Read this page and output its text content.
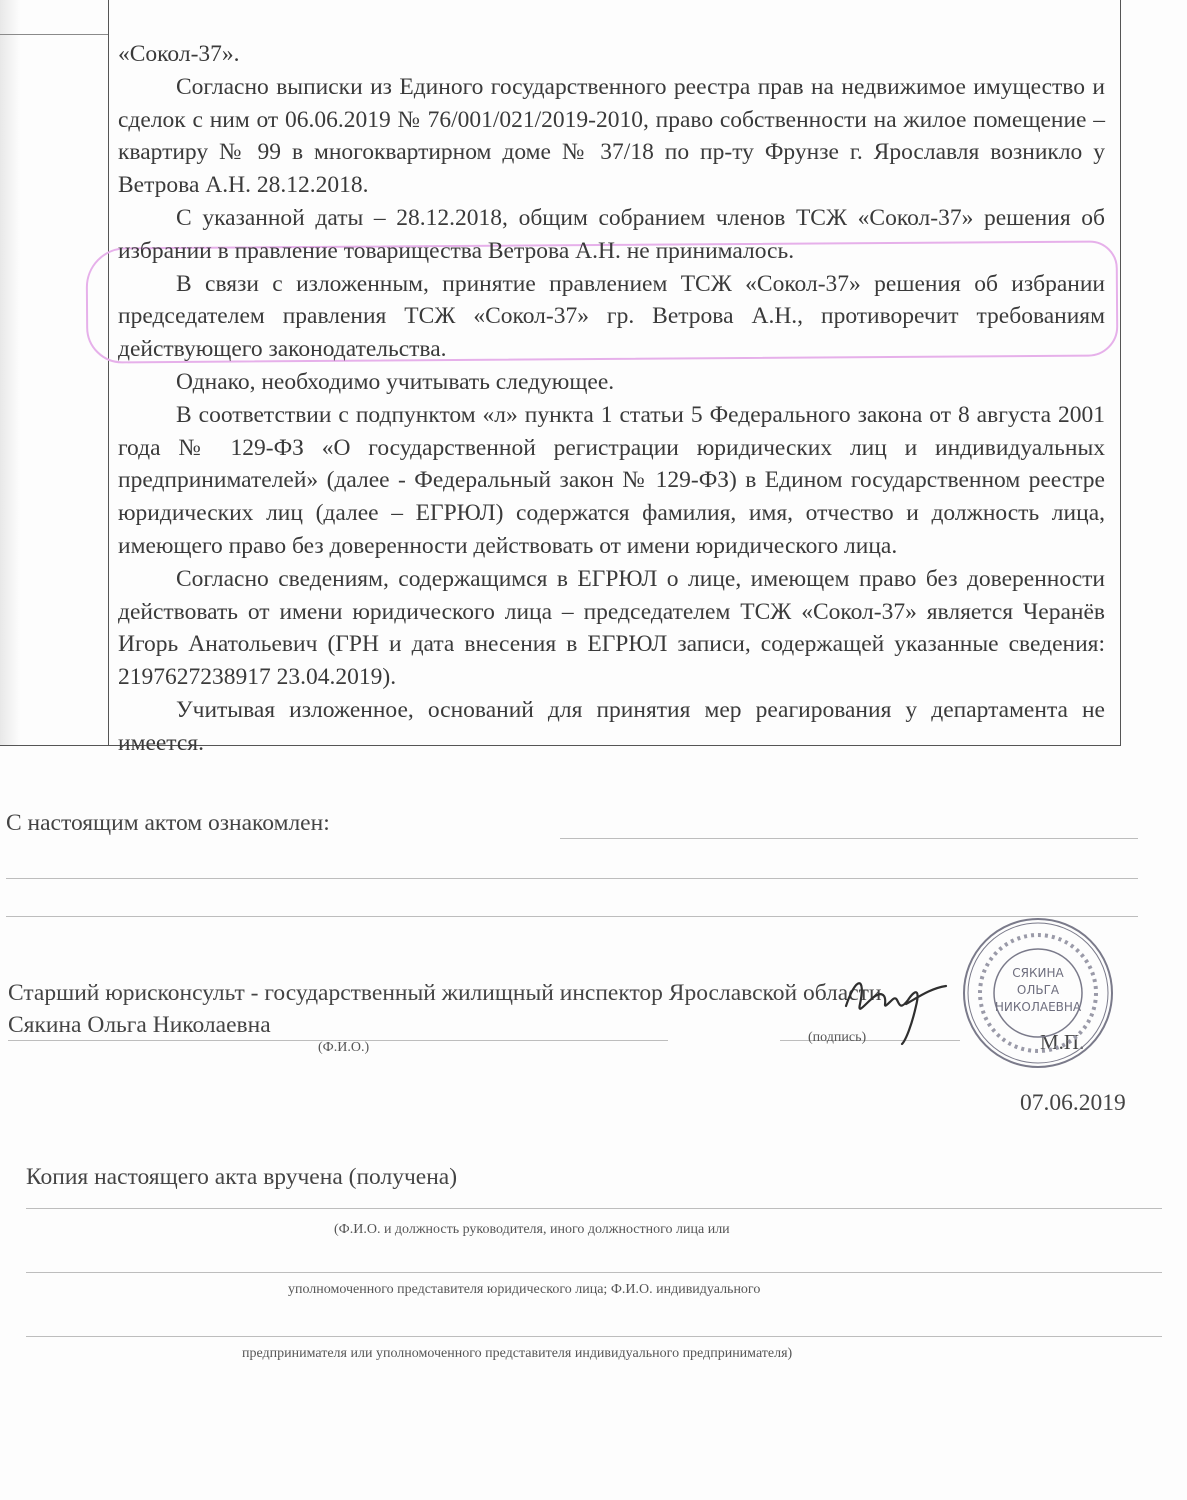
«Сокол-37».

Согласно выписки из Единого государственного реестра прав на недвижимое имущество и сделок с ним от 06.06.2019 № 76/001/021/2019-2010, право собственности на жилое помещение – квартиру № 99 в многоквартирном доме № 37/18 по пр-ту Фрунзе г. Ярославля возникло у Ветрова А.Н. 28.12.2018.

С указанной даты – 28.12.2018, общим собранием членов ТСЖ «Сокол-37» решения об избрании в правление товарищества Ветрова А.Н. не принималось.

В связи с изложенным, принятие правлением ТСЖ «Сокол-37» решения об избрании председателем правления ТСЖ «Сокол-37» гр. Ветрова А.Н., противоречит требованиям действующего законодательства.

Однако, необходимо учитывать следующее.

В соответствии с подпунктом «л» пункта 1 статьи 5 Федерального закона от 8 августа 2001 года № 129-ФЗ «О государственной регистрации юридических лиц и индивидуальных предпринимателей» (далее - Федеральный закон № 129-ФЗ) в Едином государственном реестре юридических лиц (далее – ЕГРЮЛ) содержатся фамилия, имя, отчество и должность лица, имеющего право без доверенности действовать от имени юридического лица.

Согласно сведениям, содержащимся в ЕГРЮЛ о лице, имеющем право без доверенности действовать от имени юридического лица – председателем ТСЖ «Сокол-37» является Черанёв Игорь Анатольевич (ГРН и дата внесения в ЕГРЮЛ записи, содержащей указанные сведения: 2197627238917 23.04.2019).

Учитывая изложенное, оснований для принятия мер реагирования у департамента не имеется.

С настоящим актом ознакомлен:
Старший юрисконсульт - государственный жилищный инспектор Ярославской области
Сякина Ольга Николаевна
(Ф.И.О.)
(подпись)	М.П.
07.06.2019
СЯКИНА
ОЛЬГА
НИКОЛАЕВНА
Копия настоящего акта вручена (получена)
(Ф.И.О. и должность руководителя, иного должностного лица или
уполномоченного представителя юридического лица; Ф.И.О. индивидуального
предпринимателя или уполномоченного представителя индивидуального предпринимателя)
